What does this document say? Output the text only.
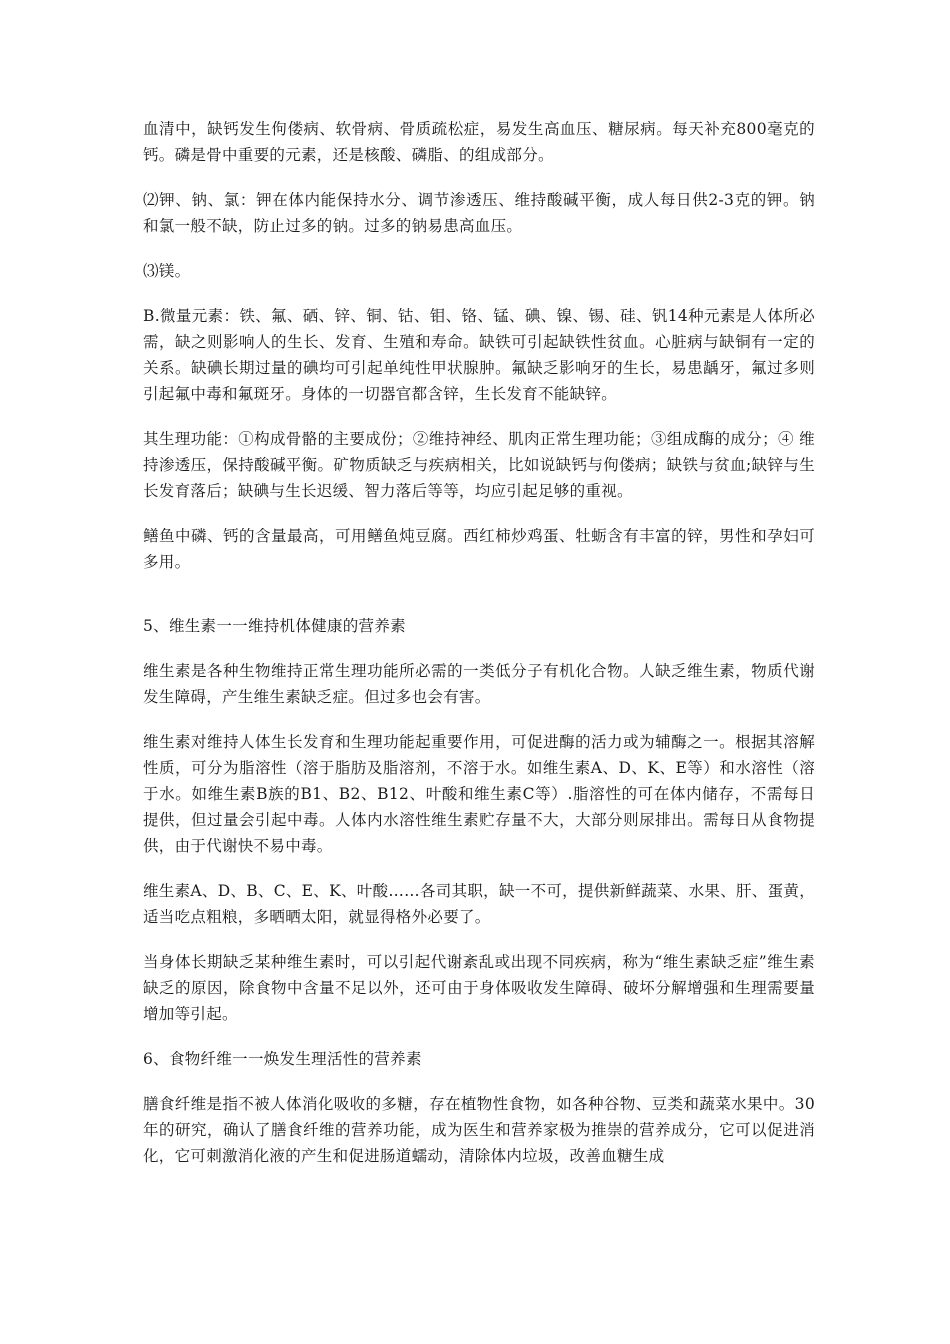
血清中，缺钙发生佝偻病、软骨病、骨质疏松症，易发生高血压、糖尿病。每天补充800毫克的钙。磷是骨中重要的元素，还是核酸、磷脂、的组成部分。

⑵钾、钠、氯：钾在体内能保持水分、调节渗透压、维持酸碱平衡，成人每日供2-3克的钾。钠和氯一般不缺，防止过多的钠。过多的钠易患高血压。

⑶镁。

B.微量元素：铁、氟、硒、锌、铜、钴、钼、铬、锰、碘、镍、锡、硅、钒14种元素是人体所必需，缺之则影响人的生长、发育、生殖和寿命。缺铁可引起缺铁性贫血。心脏病与缺铜有一定的关系。缺碘长期过量的碘均可引起单纯性甲状腺肿。氟缺乏影响牙的生长，易患龋牙，氟过多则引起氟中毒和氟斑牙。身体的一切器官都含锌，生长发育不能缺锌。

其生理功能：①构成骨骼的主要成份；②维持神经、肌肉正常生理功能；③组成酶的成分；④ 维持渗透压，保持酸碱平衡。矿物质缺乏与疾病相关，比如说缺钙与佝偻病；缺铁与贫血;缺锌与生长发育落后；缺碘与生长迟缓、智力落后等等，均应引起足够的重视。

鳝鱼中磷、钙的含量最高，可用鳝鱼炖豆腐。西红柿炒鸡蛋、牡蛎含有丰富的锌，男性和孕妇可多用。

5、维生素一一维持机体健康的营养素

维生素是各种生物维持正常生理功能所必需的一类低分子有机化合物。人缺乏维生素，物质代谢发生障碍，产生维生素缺乏症。但过多也会有害。

维生素对维持人体生长发育和生理功能起重要作用，可促进酶的活力或为辅酶之一。根据其溶解性质，可分为脂溶性（溶于脂肪及脂溶剂，不溶于水。如维生素A、D、K、E等）和水溶性（溶于水。如维生素B族的B1、B2、B12、叶酸和维生素C等）.脂溶性的可在体内储存，不需每日提供，但过量会引起中毒。人体内水溶性维生素贮存量不大，大部分则尿排出。需每日从食物提供，由于代谢快不易中毒。

维生素A、D、B、C、E、K、叶酸……各司其职，缺一不可，提供新鲜蔬菜、水果、肝、蛋黄，适当吃点粗粮，多晒晒太阳，就显得格外必要了。

当身体长期缺乏某种维生素时，可以引起代谢紊乱或出现不同疾病，称为“维生素缺乏症”维生素缺乏的原因，除食物中含量不足以外，还可由于身体吸收发生障碍、破坏分解增强和生理需要量增加等引起。

6、食物纤维一一焕发生理活性的营养素

膳食纤维是指不被人体消化吸收的多糖，存在植物性食物，如各种谷物、豆类和蔬菜水果中。30年的研究，确认了膳食纤维的营养功能，成为医生和营养家极为推崇的营养成分，它可以促进消化，它可刺激消化液的产生和促进肠道蠕动，清除体内垃圾，改善血糖生成
